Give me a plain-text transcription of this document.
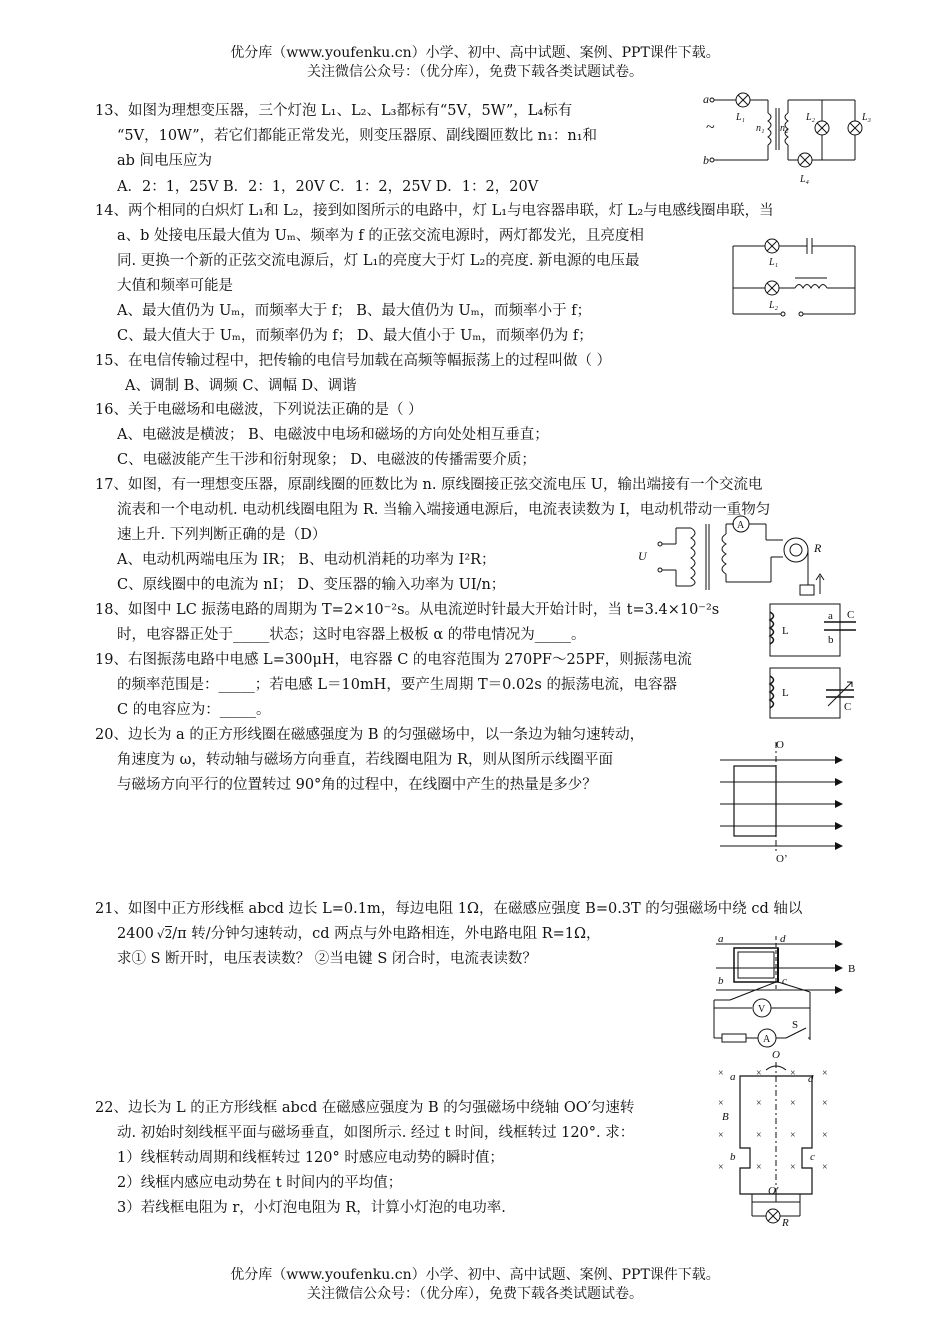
优分库（www.youfenku.cn）小学、初中、高中试题、案例、PPT课件下载。
关注微信公众号：（优分库），免费下载各类试题试卷。
13、如图为理想变压器，三个灯泡 L₁、L₂、L₃都标有“5V，5W”，L₄标有
“5V，10W”，若它们都能正常发光，则变压器原、副线圈匝数比 n₁：n₁和
ab 间电压应为
A．2：1，25V B．2：1，20V C．1：2，25V D．1：2，20V
a
b
~
L₁
n₁ n₂
L₂	L₃
L₄
14、两个相同的白炽灯 L₁和 L₂，接到如图所示的电路中，灯 L₁与电容器串联，灯 L₂与电感线圈串联，当
a、b 处接电压最大值为 Uₘ、频率为 f 的正弦交流电源时，两灯都发光，且亮度相
同. 更换一个新的正弦交流电源后，灯 L₁的亮度大于灯 L₂的亮度. 新电源的电压最
大值和频率可能是
A、最大值仍为 Uₘ，而频率大于 f； B、最大值仍为 Uₘ，而频率小于 f；
C、最大值大于 Uₘ，而频率仍为 f； D、最大值小于 Uₘ，而频率仍为 f；
L₁
L₂
15、在电信传输过程中，把传输的电信号加载在高频等幅振荡上的过程叫做（ ）
A、调制 B、调频 C、调幅 D、调谐
16、关于电磁场和电磁波，下列说法正确的是（ ）
A、电磁波是横波； B、电磁波中电场和磁场的方向处处相互垂直；
C、电磁波能产生干涉和衍射现象； D、电磁波的传播需要介质；
17、如图，有一理想变压器，原副线圈的匝数比为 n. 原线圈接正弦交流电压 U，输出端接有一个交流电
流表和一个电动机. 电动机线圈电阻为 R. 当输入端接通电源后，电流表读数为 I，电动机带动一重物匀
速上升. 下列判断正确的是（D）
A、电动机两端电压为 IR； B、电动机消耗的功率为 I²R；
C、原线圈中的电流为 nI； D、变压器的输入功率为 UI/n；
U
A
R
18、如图中 LC 振荡电路的周期为 T=2×10⁻²s。从电流逆时针最大开始计时，当 t=3.4×10⁻²s
时，电容器正处于_____状态；这时电容器上极板 α 的带电情况为_____。	L
a
b
C
19、右图振荡电路中电感 L=300μH，电容器 C 的电容范围为 270PF～25PF，则振荡电流
的频率范围是：_____；若电感 L＝10mH，要产生周期 T＝0.02s 的振荡电流，电容器
C 的电容应为：_____。
L
C
20、边长为 a 的正方形线圈在磁感强度为 B 的匀强磁场中，以一条边为轴匀速转动，
角速度为 ω，转动轴与磁场方向垂直，若线圈电阻为 R，则从图所示线圈平面
与磁场方向平行的位置转过 90°角的过程中，在线圈中产生的热量是多少？
O
O’
21、如图中正方形线框 abcd 边长 L=0.1m，每边电阻 1Ω，在磁感应强度 B=0.3T 的匀强磁场中绕 cd 轴以
2400 √2/π 转/分钟匀速转动，cd 两点与外电路相连，外电路电阻 R=1Ω，
求① S 断开时，电压表读数？ ②当电键 S 闭合时，电流表读数？
a	d
b	c
B
V
A
S
22、边长为 L 的正方形线框 abcd 在磁感应强度为 B 的匀强磁场中绕轴 OO′匀速转
动. 初始时刻线框平面与磁场垂直，如图所示. 经过 t 时间，线框转过 120°. 求：
1）线框转动周期和线框转过 120° 时感应电动势的瞬时值；
2）线框内感应电动势在 t 时间内的平均值；
3）若线框电阻为 r，小灯泡电阻为 R，计算小灯泡的电功率.
×	×	×	×
×	×	×	×
×	×	×	×
×	×	×	×
O
a	d
B
b	c
O′
R
优分库（www.youfenku.cn）小学、初中、高中试题、案例、PPT课件下载。
关注微信公众号：（优分库），免费下载各类试题试卷。
